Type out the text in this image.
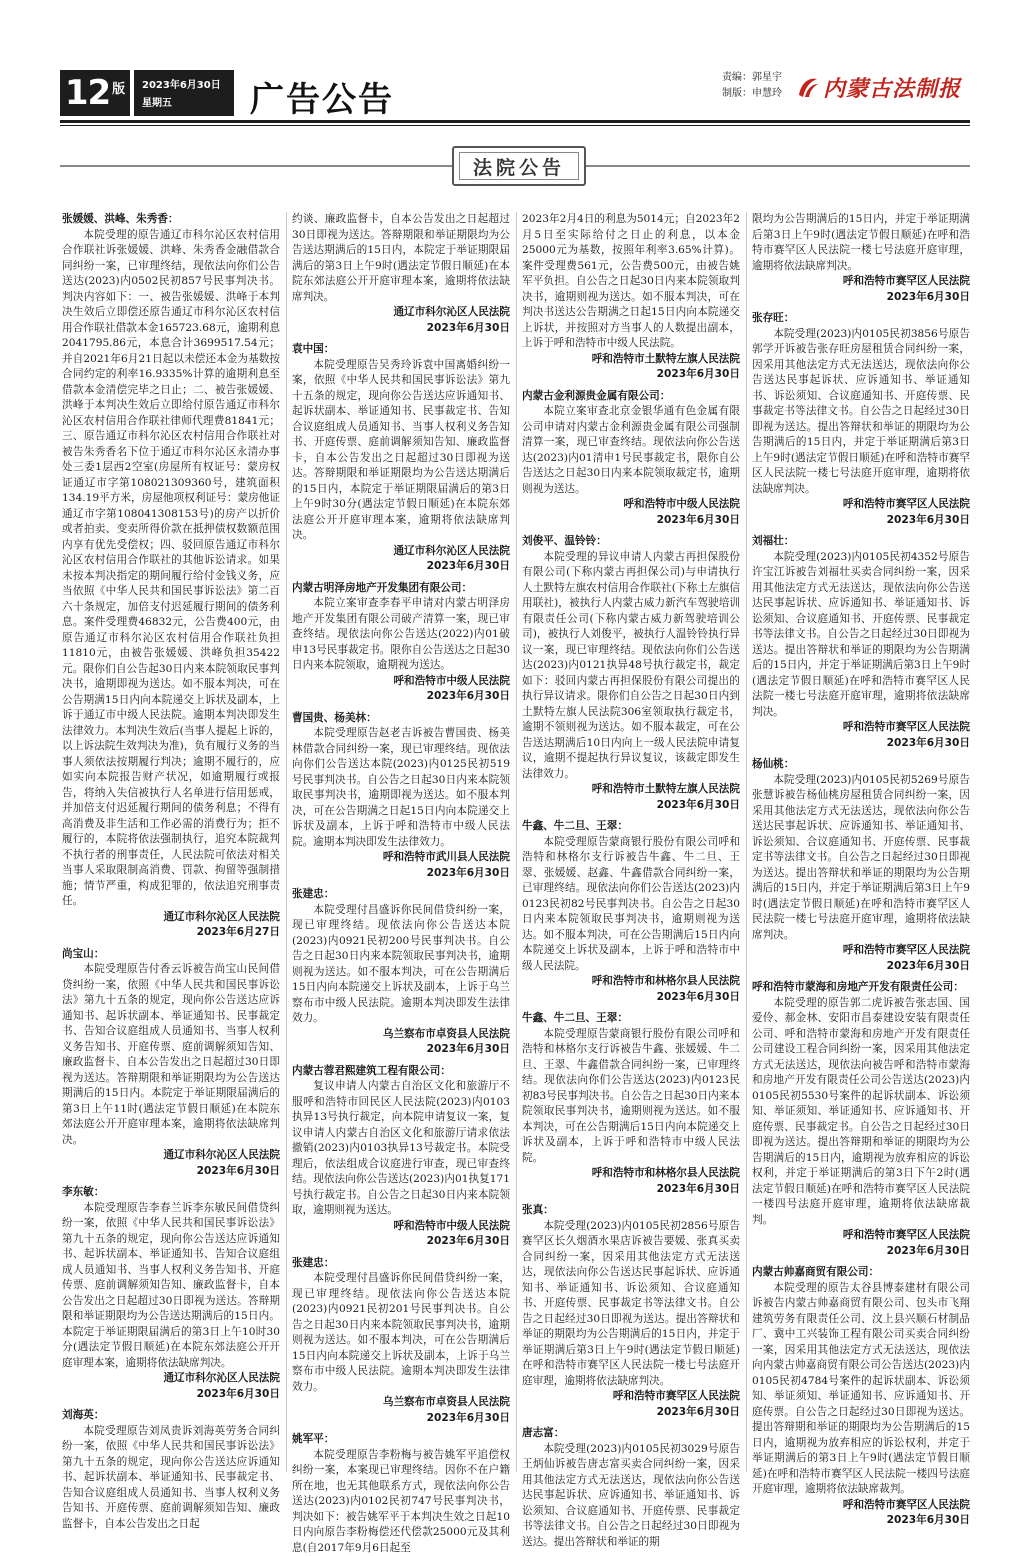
12 版 2023年6月30日
星期五	广告公告
责编：郭星宇
制版：申慧玲 内蒙古法制报
法院公告
张媛媛、洪峰、朱秀香：
本院受理的原告通辽市科尔沁区农村信用合作联社诉张媛媛、洪峰、朱秀香金融借款合同纠纷一案，已审理终结，现依法向你们公告送达(2023)内0502民初857号民事判决书。判决内容如下：一、被告张媛媛、洪峰于本判决生效后立即偿还原告通辽市科尔沁区农村信用合作联社借款本金165723.68元，逾期利息2041795.86元，本息合计3699517.54元；并自2021年6月21日起以未偿还本金为基数按合同约定的利率16.9335%计算的逾期利息至借款本金清偿完毕之日止；二、被告张媛媛、洪峰于本判决生效后立即给付原告通辽市科尔沁区农村信用合作联社律师代理费81841元；三、原告通辽市科尔沁区农村信用合作联社对被告朱秀香名下位于通辽市科尔沁区永清办事处三委1层西2空室(房屋所有权证号：蒙房权证通辽市字第108021309360号，建筑面积134.19平方米，房屋他项权利证号：蒙房他证通辽市字第108041308153号)的房产以折价或者拍卖、变卖所得价款在抵押债权数额范围内享有优先受偿权；四、驳回原告通辽市科尔沁区农村信用合作联社的其他诉讼请求。如果未按本判决指定的期间履行给付金钱义务，应当依照《中华人民共和国民事诉讼法》第二百六十条规定，加倍支付迟延履行期间的债务利息。案件受理费46832元，公告费400元，由原告通辽市科尔沁区农村信用合作联社负担11810元，由被告张媛媛、洪峰负担35422元。限你们自公告起30日内来本院领取民事判决书，逾期即视为送达。如不服本判决，可在公告期满15日内向本院递交上诉状及副本，上诉于通辽市中级人民法院。逾期本判决即发生法律效力。本判决生效后(当事人提起上诉的，以上诉法院生效判决为准)，负有履行义务的当事人须依法按期履行判决；逾期不履行的，应如实向本院报告财产状况，如逾期履行或报告，将纳入失信被执行人名单进行信用惩戒，并加倍支付迟延履行期间的债务利息；不得有高消费及非生活和工作必需的消费行为；拒不履行的，本院将依法强制执行，追究本院裁判不执行者的刑事责任，人民法院可依法对相关当事人采取限制高消费、罚款、拘留等强制措施；情节严重，构成犯罪的，依法追究刑事责任。
通辽市科尔沁区人民法院
2023年6月27日
尚宝山：
本院受理原告付香云诉被告尚宝山民间借贷纠纷一案，依照《中华人民共和国民事诉讼法》第九十五条的规定，现向你公告送达应诉通知书、起诉状副本、举证通知书、民事裁定书、告知合议庭组成人员通知书、当事人权利义务告知书、开庭传票、庭前调解须知告知、廉政监督卡、自本公告发出之日起超过30日即视为送达。答辩期限和举证期限均为公告送达期满后的15日内。本院定于举证期限届满后的第3日上午11时(遇法定节假日顺延)在本院东郊法庭公开开庭审理本案，逾期将依法缺席判决。
通辽市科尔沁区人民法院
2023年6月30日
李东敏：
本院受理原告李春兰诉李东敏民间借贷纠纷一案，依照《中华人民共和国民事诉讼法》第九十五条的规定，现向你公告送达应诉通知书、起诉状副本、举证通知书、告知合议庭组成人员通知书、当事人权利义务告知书、开庭传票、庭前调解须知告知、廉政监督卡，自本公告发出之日起超过30日即视为送达。答辩期限和举证期限均为公告送达期满后的15日内。本院定于举证期限届满后的第3日上午10时30分(遇法定节假日顺延)在本院东郊法庭公开开庭审理本案，逾期将依法缺席判决。
通辽市科尔沁区人民法院
2023年6月30日
刘海英：
本院受理原告刘凤贵诉刘海英劳务合同纠纷一案，依照《中华人民共和国民事诉讼法》第九十五条的规定，现向你公告送达应诉通知书、起诉状副本、举证通知书、民事裁定书、告知合议庭组成人员通知书、当事人权利义务告知书、开庭传票、庭前调解须知告知、廉政监督卡，自本公告发出之日起
约谈、廉政监督卡，自本公告发出之日起超过30日即视为送达。答辩期限和举证期限均为公告送达期满后的15日内，本院定于举证期限届满后的第3日上午9时(遇法定节假日顺延)在本院东郊法庭公开开庭审理本案，逾期将依法缺席判决。
通辽市科尔沁区人民法院
2023年6月30日
袁中国：
本院受理原告吴秀玲诉袁中国离婚纠纷一案，依照《中华人民共和国民事诉讼法》第九十五条的规定，现向你公告送达应诉通知书、起诉状副本、举证通知书、民事裁定书、告知合议庭组成人员通知书、当事人权利义务告知书、开庭传票、庭前调解须知告知、廉政监督卡，自本公告发出之日起超过30日即视为送达。答辩期限和举证期限均为公告送达期满后的15日内，本院定于举证期限届满后的第3日上午9时30分(遇法定节假日顺延)在本院东郊法庭公开开庭审理本案，逾期将依法缺席判决。
通辽市科尔沁区人民法院
2023年6月30日
内蒙古明泽房地产开发集团有限公司：
本院立案审查李春平申请对内蒙古明泽房地产开发集团有限公司破产清算一案，现已审查终结。现依法向你公告送达(2022)内01破申13号民事裁定书。限你自公告送达之日起30日内来本院领取，逾期视为送达。
呼和浩特市中级人民法院
2023年6月30日
曹国贵、杨美林：
本院受理原告赵老吉诉被告曹国贵、杨美林借款合同纠纷一案，现已审理终结。现依法向你们公告送达本院(2023)内0125民初519号民事判决书。自公告之日起30日内来本院领取民事判决书，逾期即视为送达。如不服本判决，可在公告期满之日起15日内向本院递交上诉状及副本，上诉于呼和浩特市中级人民法院。逾期本判决即发生法律效力。
呼和浩特市武川县人民法院
2023年6月30日
张建忠：
本院受理付昌盛诉你民间借贷纠纷一案，现已审理终结。现依法向你公告送达本院(2023)内0921民初200号民事判决书。自公告之日起30日内来本院领取民事判决书，逾期则视为送达。如不服本判决，可在公告期满后15日内向本院递交上诉状及副本，上诉于乌兰察布市中级人民法院。逾期本判决即发生法律效力。
乌兰察布市卓资县人民法院
2023年6月30日
内蒙古蓉君熙建筑工程有限公司：
复议申请人内蒙古自治区文化和旅游厅不服呼和浩特市回民区人民法院(2023)内0103执异13号执行裁定，向本院申请复议一案，复议申请人内蒙古自治区文化和旅游厅请求依法撤销(2023)内0103执异13号裁定书。本院受理后，依法组成合议庭进行审查，现已审查终结。现依法向你公告送达(2023)内01执复171号执行裁定书。自公告之日起30日内来本院领取，逾期则视为送达。
呼和浩特市中级人民法院
2023年6月30日
张建忠：
本院受理付昌盛诉你民间借贷纠纷一案，现已审理终结。现依法向你公告送达本院(2023)内0921民初201号民事判决书。自公告之日起30日内来本院领取民事判决书，逾期则视为送达。如不服本判决，可在公告期满后15日内向本院递交上诉状及副本，上诉于乌兰察布市中级人民法院。逾期本判决即发生法律效力。
乌兰察布市卓资县人民法院
2023年6月30日
姚军平：
本院受理原告李粉梅与被告姚军平追偿权纠纷一案，本案现已审理终结。因你不在户籍所在地，也无其他联系方式，现依法向你公告送达(2023)内0102民初747号民事判决书，判决如下：被告姚军平于本判决生效之日起10日内向原告李粉梅偿还代偿款25000元及其利息(自2017年9月6日起至
2023年2月4日的利息为5014元；自2023年2月5日至实际给付之日止的利息，以本金25000元为基数，按照年利率3.65%计算)。案件受理费561元，公告费500元，由被告姚军平负担。自公告之日起30日内来本院领取判决书，逾期则视为送达。如不服本判决，可在判决书送达公告期满之日起15日内向本院递交上诉状，并按照对方当事人的人数提出副本，上诉于呼和浩特市中级人民法院。
呼和浩特市土默特左旗人民法院
2023年6月30日
内蒙古金利源贵金属有限公司：
本院立案审查北京金银华通有色金属有限公司申请对内蒙古金利源贵金属有限公司强制清算一案，现已审查终结。现依法向你公告送达(2023)内01清申1号民事裁定书，限你自公告送达之日起30日内来本院领取裁定书，逾期则视为送达。
呼和浩特市中级人民法院
2023年6月30日
刘俊平、温铃铃：
本院受理的异议申请人内蒙古再担保股份有限公司(下称内蒙古再担保公司)与申请执行人土默特左旗农村信用合作联社(下称土左旗信用联社)，被执行人内蒙古威力新汽车驾驶培训有限责任公司(下称内蒙古威力新驾驶培训公司)，被执行人刘俊平，被执行人温铃铃执行异议一案，现已审理终结。现依法向你们公告送达(2023)内0121执异48号执行裁定书，裁定如下：驳回内蒙古再担保股份有限公司提出的执行异议请求。限你们自公告之日起30日内到土默特左旗人民法院306室领取执行裁定书，逾期不领则视为送达。如不服本裁定，可在公告送达期满后10日内向上一级人民法院申请复议，逾期不提起执行异议复议，该裁定即发生法律效力。
呼和浩特市土默特左旗人民法院
2023年6月30日
牛鑫、牛二旦、王翠：
本院受理原告蒙商银行股份有限公司呼和浩特和林格尔支行诉被告牛鑫、牛二旦、王翠、张媛媛、赵鑫、牛鑫借款合同纠纷一案，已审理终结。现依法向你们公告送达(2023)内0123民初82号民事判决书。自公告之日起30日内来本院领取民事判决书，逾期则视为送达。如不服本判决，可在公告期满后15日内向本院递交上诉状及副本，上诉于呼和浩特市中级人民法院。
呼和浩特市和林格尔县人民法院
2023年6月30日
牛鑫、牛二旦、王翠：
本院受理原告蒙商银行股份有限公司呼和浩特和林格尔支行诉被告牛鑫、张媛媛、牛二旦、王翠、牛鑫借款合同纠纷一案，已审理终结。现依法向你们公告送达(2023)内0123民初83号民事判决书。自公告之日起30日内来本院领取民事判决书，逾期则视为送达。如不服本判决，可在公告期满后15日内向本院递交上诉状及副本，上诉于呼和浩特市中级人民法院。
呼和浩特市和林格尔县人民法院
2023年6月30日
张真：
本院受理(2023)内0105民初2856号原告赛罕区长久烟酒水果店诉被告要媛、张真买卖合同纠纷一案，因采用其他法定方式无法送达，现依法向你公告送达民事起诉状、应诉通知书、举证通知书、诉讼须知、合议庭通知书、开庭传票、民事裁定书等法律文书。自公告之日起经过30日即视为送达。提出答辩状和举证的期限均为公告期满后的15日内，并定于举证期满后第3日上午9时(遇法定节假日顺延)在呼和浩特市赛罕区人民法院一楼七号法庭开庭审理，逾期将依法缺席判决。
呼和浩特市赛罕区人民法院
2023年6月30日
唐志富：
本院受理(2023)内0105民初3029号原告王炳仙诉被告唐志富买卖合同纠纷一案，因采用其他法定方式无法送达，现依法向你公告送达民事起诉状、应诉通知书、举证通知书、诉讼须知、合议庭通知书、开庭传票、民事裁定书等法律文书。自公告之日起经过30日即视为送达。提出答辩状和举证的期
限均为公告期满后的15日内，并定于举证期满后第3日上午9时(遇法定节假日顺延)在呼和浩特市赛罕区人民法院一楼七号法庭开庭审理，逾期将依法缺席判决。
呼和浩特市赛罕区人民法院
2023年6月30日
张存旺：
本院受理(2023)内0105民初3856号原告郭学开诉被告张存旺房屋租赁合同纠纷一案，因采用其他法定方式无法送达，现依法向你公告送达民事起诉状、应诉通知书、举证通知书、诉讼须知、合议庭通知书、开庭传票、民事裁定书等法律文书。自公告之日起经过30日即视为送达。提出答辩状和举证的期限均为公告期满后的15日内，并定于举证期满后第3日上午9时(遇法定节假日顺延)在呼和浩特市赛罕区人民法院一楼七号法庭开庭审理，逾期将依法缺席判决。
呼和浩特市赛罕区人民法院
2023年6月30日
刘福壮：
本院受理(2023)内0105民初4352号原告许宝江诉被告刘福壮买卖合同纠纷一案，因采用其他法定方式无法送达，现依法向你公告送达民事起诉状、应诉通知书、举证通知书、诉讼须知、合议庭通知书、开庭传票、民事裁定书等法律文书。自公告之日起经过30日即视为送达。提出答辩状和举证的期限均为公告期满后的15日内，并定于举证期满后第3日上午9时(遇法定节假日顺延)在呼和浩特市赛罕区人民法院一楼七号法庭开庭审理，逾期将依法缺席判决。
呼和浩特市赛罕区人民法院
2023年6月30日
杨仙桃：
本院受理(2023)内0105民初5269号原告张慧诉被告杨仙桃房屋租赁合同纠纷一案，因采用其他法定方式无法送达，现依法向你公告送达民事起诉状、应诉通知书、举证通知书、诉讼须知、合议庭通知书、开庭传票、民事裁定书等法律文书。自公告之日起经过30日即视为送达。提出答辩状和举证的期限均为公告期满后的15日内，并定于举证期满后第3日上午9时(遇法定节假日顺延)在呼和浩特市赛罕区人民法院一楼七号法庭开庭审理，逾期将依法缺席判决。
呼和浩特市赛罕区人民法院
2023年6月30日
呼和浩特市蒙海和房地产开发有限责任公司：
本院受理的原告郭二虎诉被告张志国、国爱伶、郝金林、安阳市昌泰建设安装有限责任公司、呼和浩特市蒙海和房地产开发有限责任公司建设工程合同纠纷一案，因采用其他法定方式无法送达，现依法向被告呼和浩特市蒙海和房地产开发有限责任公司公告送达(2023)内0105民初5530号案件的起诉状副本、诉讼须知、举证须知、举证通知书、应诉通知书、开庭传票、民事裁定书。自公告之日起经过30日即视为送达。提出答辩期和举证的期限均为公告期满后的15日内，逾期视为放弃相应的诉讼权利，并定于举证期满后的第3日下午2时(遇法定节假日顺延)在呼和浩特市赛罕区人民法院一楼四号法庭开庭审理，逾期将依法缺席裁判。
呼和浩特市赛罕区人民法院
2023年6月30日
内蒙古帅嘉商贸有限公司：
本院受理的原告太谷县博泰建材有限公司诉被告内蒙古帅嘉商贸有限公司、包头市飞翔建筑劳务有限责任公司、汶上县兴顺石材制品厂、冀中工兴装饰工程有限公司买卖合同纠纷一案，因采用其他法定方式无法送达，现依法向内蒙古帅嘉商贸有限公司公告送达(2023)内0105民初4784号案件的起诉状副本、诉讼须知、举证须知、举证通知书、应诉通知书、开庭传票。自公告之日起经过30日即视为送达。提出答辩期和举证的期限均为公告期满后的15日内，逾期视为放弃相应的诉讼权利，并定于举证期满后的第3日上午9时(遇法定节假日顺延)在呼和浩特市赛罕区人民法院一楼四号法庭开庭审理，逾期将依法缺席裁判。
呼和浩特市赛罕区人民法院
2023年6月30日
